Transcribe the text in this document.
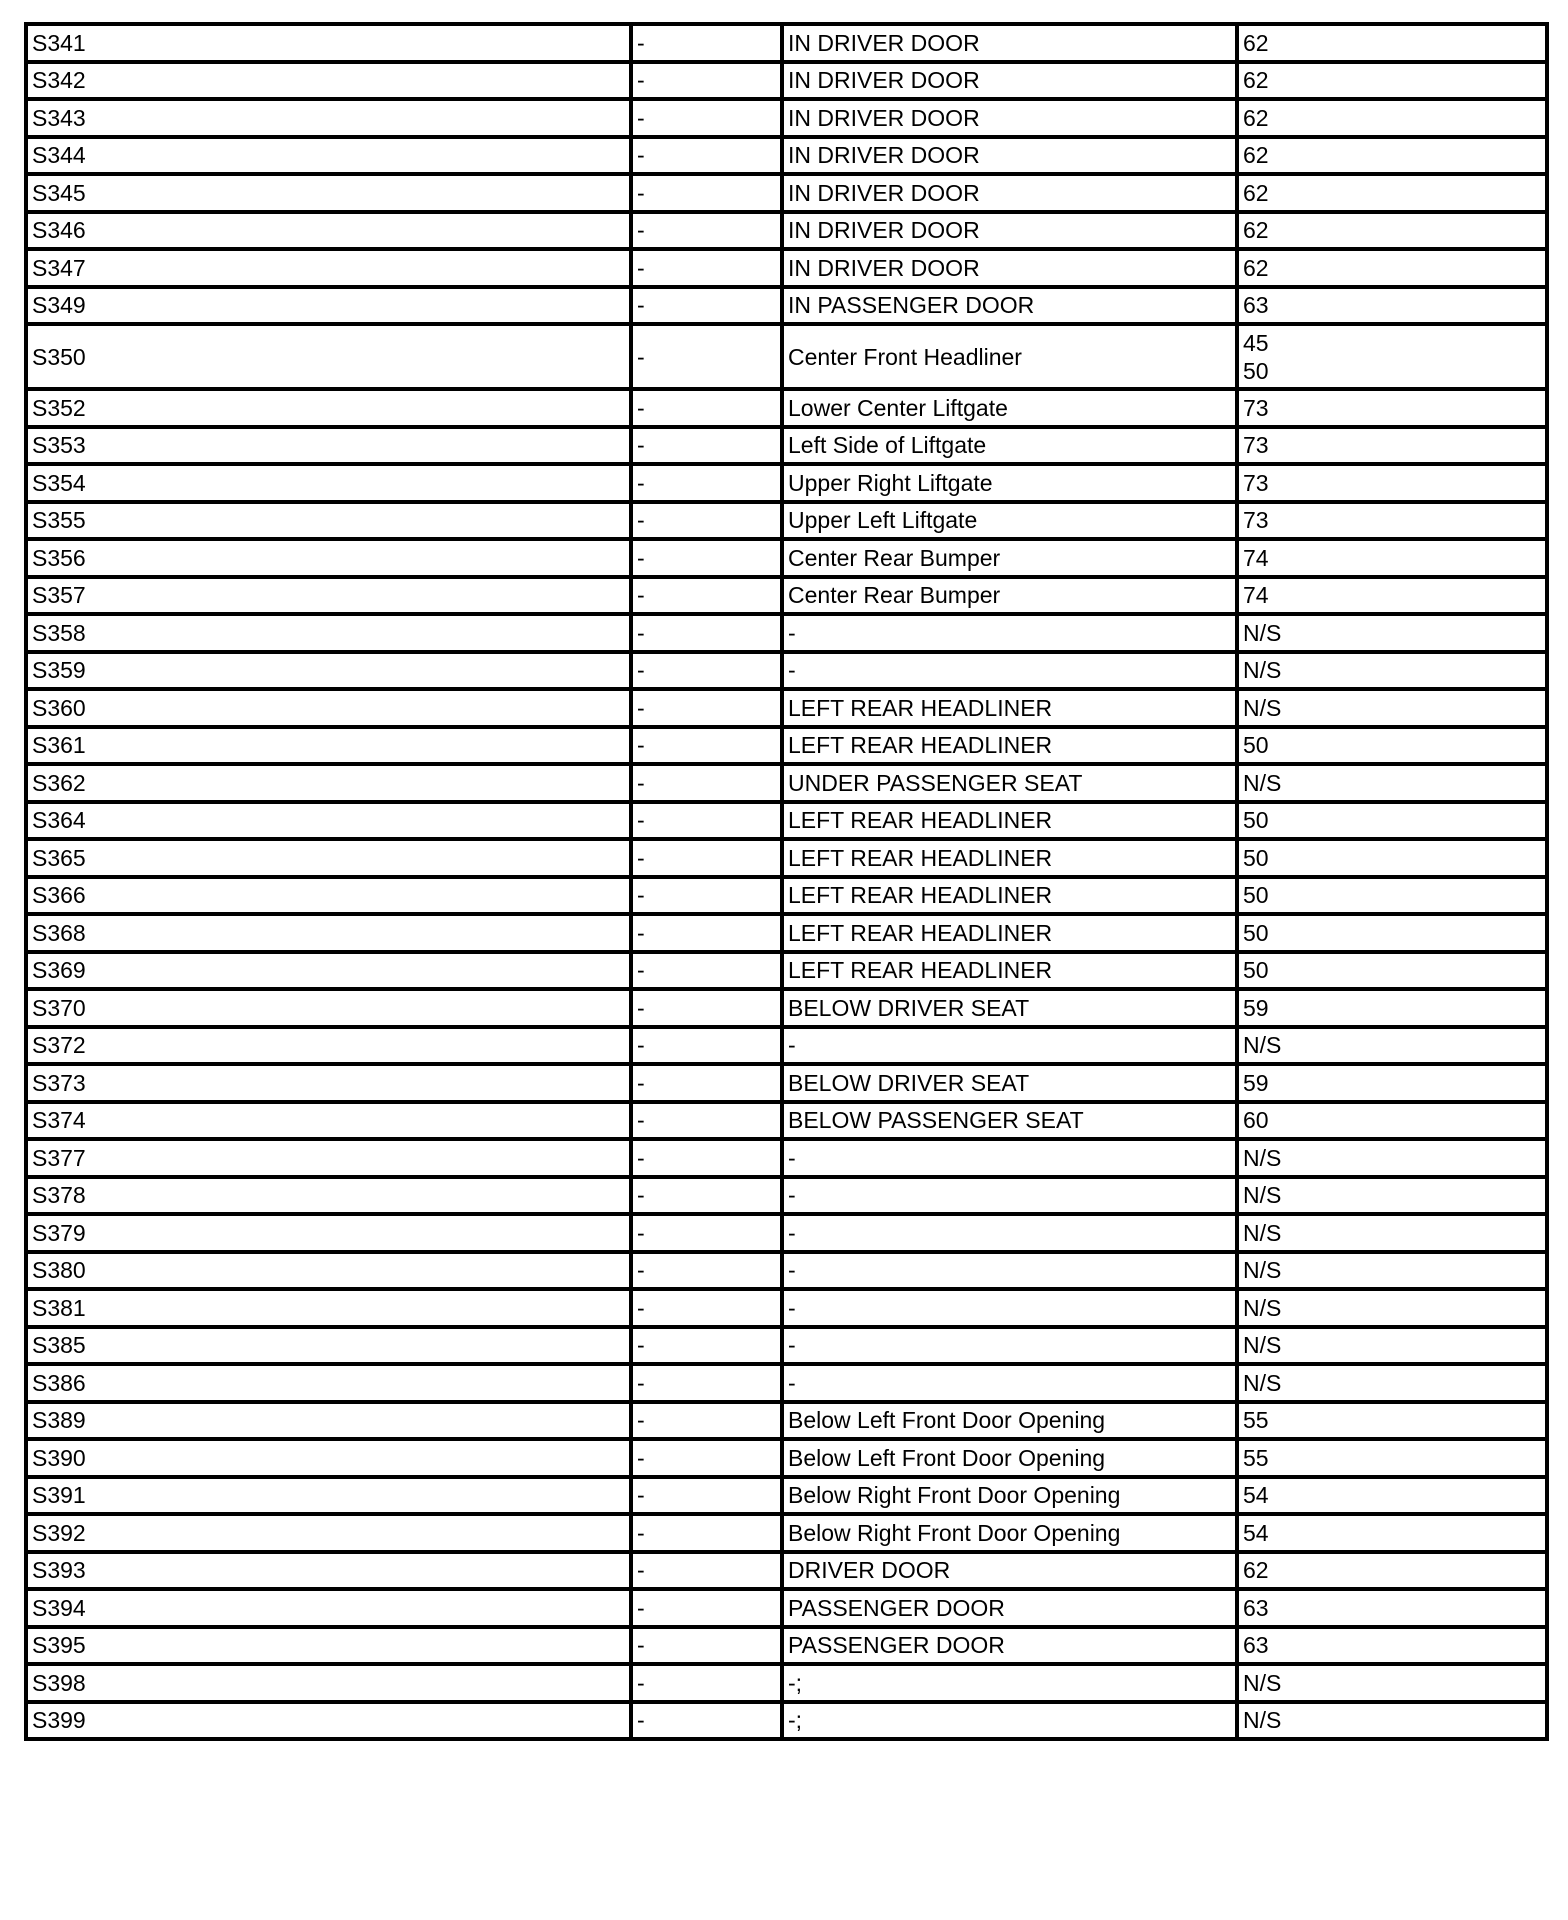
S341	-	IN DRIVER DOOR	62

S342	-	IN DRIVER DOOR	62

S343	-	IN DRIVER DOOR	62

S344	-	IN DRIVER DOOR	62

S345	-	IN DRIVER DOOR	62

S346	-	IN DRIVER DOOR	62

S347	-	IN DRIVER DOOR	62

S349	-	IN PASSENGER DOOR	63

S350	-	Center Front Headliner	45
50

S352	-	Lower Center Liftgate	73

S353	-	Left Side of Liftgate	73

S354	-	Upper Right Liftgate	73

S355	-	Upper Left Liftgate	73

S356	-	Center Rear Bumper	74

S357	-	Center Rear Bumper	74

S358	-	-	N/S

S359	-	-	N/S

S360	-	LEFT REAR HEADLINER	N/S

S361	-	LEFT REAR HEADLINER	50

S362	-	UNDER PASSENGER SEAT	N/S

S364	-	LEFT REAR HEADLINER	50

S365	-	LEFT REAR HEADLINER	50

S366	-	LEFT REAR HEADLINER	50

S368	-	LEFT REAR HEADLINER	50

S369	-	LEFT REAR HEADLINER	50

S370	-	BELOW DRIVER SEAT	59

S372	-	-	N/S

S373	-	BELOW DRIVER SEAT	59

S374	-	BELOW PASSENGER SEAT	60

S377	-	-	N/S

S378	-	-	N/S

S379	-	-	N/S

S380	-	-	N/S

S381	-	-	N/S

S385	-	-	N/S

S386	-	-	N/S

S389	-	Below Left Front Door Opening	55

S390	-	Below Left Front Door Opening	55

S391	-	Below Right Front Door Opening	54

S392	-	Below Right Front Door Opening	54

S393	-	DRIVER DOOR	62

S394	-	PASSENGER DOOR	63

S395	-	PASSENGER DOOR	63

S398	-	-;	N/S

S399	-	-;	N/S
